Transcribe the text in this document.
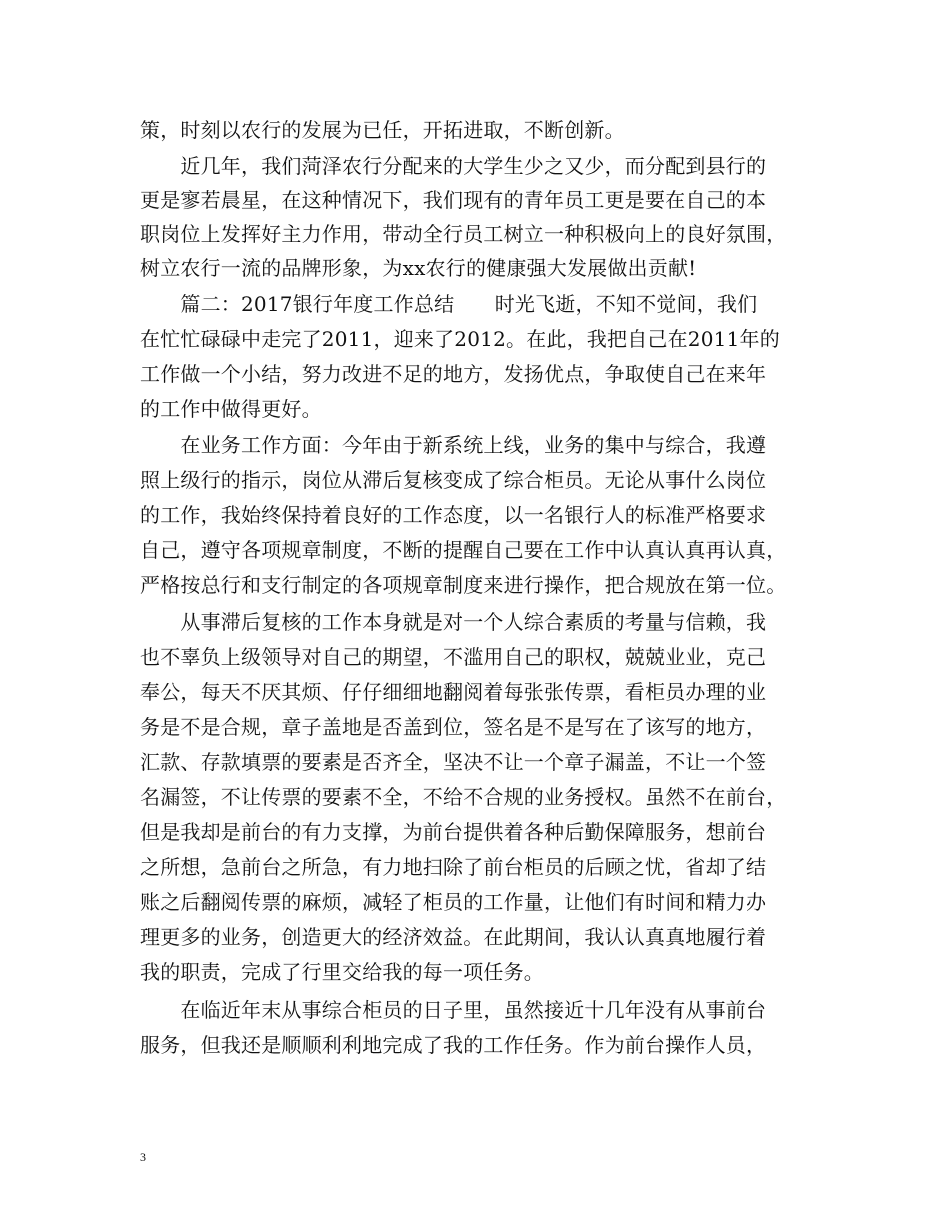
策，时刻以农行的发展为已任，开拓进取，不断创新。
　　近几年，我们菏泽农行分配来的大学生少之又少，而分配到县行的
更是寥若晨星，在这种情况下，我们现有的青年员工更是要在自己的本
职岗位上发挥好主力作用，带动全行员工树立一种积极向上的良好氛围，
树立农行一流的品牌形象，为xx农行的健康强大发展做出贡献!
　　篇二：2017银行年度工作总结　　时光飞逝，不知不觉间，我们
在忙忙碌碌中走完了2011，迎来了2012。在此，我把自己在2011年的
工作做一个小结，努力改进不足的地方，发扬优点，争取使自己在来年
的工作中做得更好。
　　在业务工作方面：今年由于新系统上线，业务的集中与综合，我遵
照上级行的指示，岗位从滞后复核变成了综合柜员。无论从事什么岗位
的工作，我始终保持着良好的工作态度，以一名银行人的标准严格要求
自己，遵守各项规章制度，不断的提醒自己要在工作中认真认真再认真，
严格按总行和支行制定的各项规章制度来进行操作，把合规放在第一位。
　　从事滞后复核的工作本身就是对一个人综合素质的考量与信赖，我
也不辜负上级领导对自己的期望，不滥用自己的职权，兢兢业业，克己
奉公，每天不厌其烦、仔仔细细地翻阅着每张张传票，看柜员办理的业
务是不是合规，章子盖地是否盖到位，签名是不是写在了该写的地方，
汇款、存款填票的要素是否齐全，坚决不让一个章子漏盖，不让一个签
名漏签，不让传票的要素不全，不给不合规的业务授权。虽然不在前台，
但是我却是前台的有力支撑，为前台提供着各种后勤保障服务，想前台
之所想，急前台之所急，有力地扫除了前台柜员的后顾之忧，省却了结
账之后翻阅传票的麻烦，减轻了柜员的工作量，让他们有时间和精力办
理更多的业务，创造更大的经济效益。在此期间，我认认真真地履行着
我的职责，完成了行里交给我的每一项任务。
　　在临近年末从事综合柜员的日子里，虽然接近十几年没有从事前台
服务，但我还是顺顺利利地完成了我的工作任务。作为前台操作人员，
3
